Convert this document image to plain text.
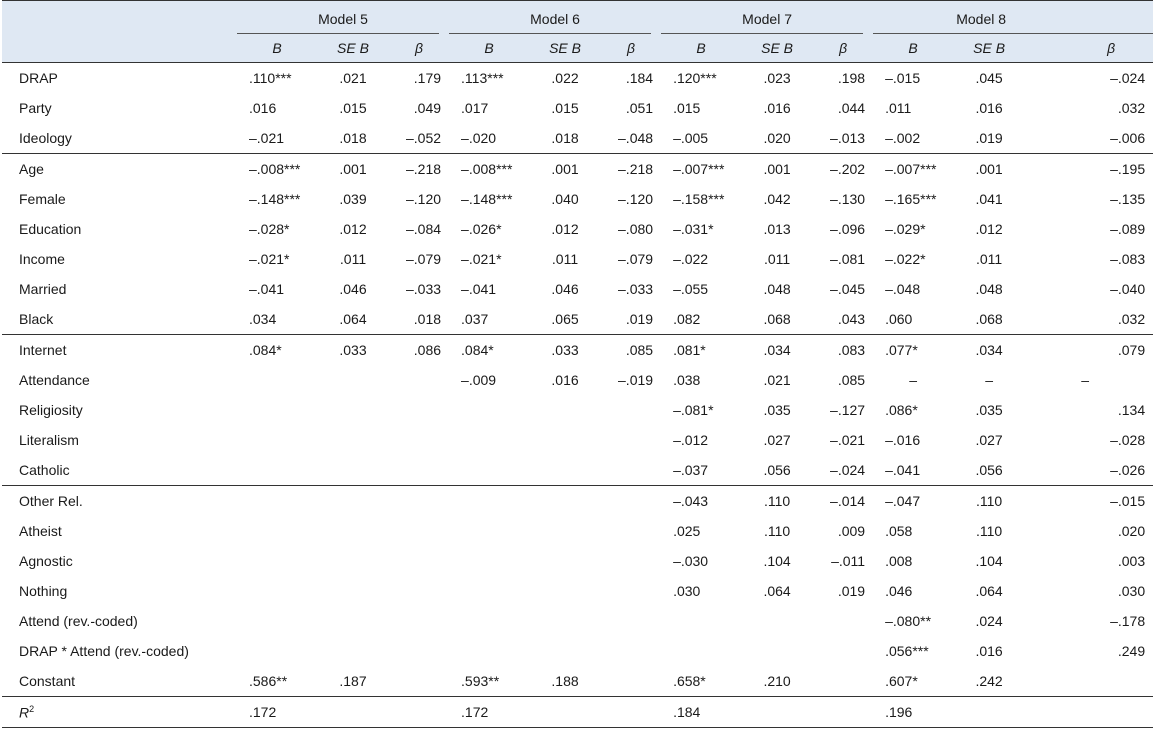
	Model 5			Model 6			Model 7			Model 8		

	B	SE B	β	B	SE B	β	B	SE B	β	B	SE B	β
DRAP	.110***	.021	.179	.113***	.022	.184	.120***	.023	.198	–.015	.045	–.024
Party	.016	.015	.049	.017	.015	.051	.015	.016	.044	.011	.016	.032
Ideology	–.021	.018	–.052	–.020	.018	–.048	–.005	.020	–.013	–.002	.019	–.006
Age	–.008***	.001	–.218	–.008***	.001	–.218	–.007***	.001	–.202	–.007***	.001	–.195
Female	–.148***	.039	–.120	–.148***	.040	–.120	–.158***	.042	–.130	–.165***	.041	–.135
Education	–.028*	.012	–.084	–.026*	.012	–.080	–.031*	.013	–.096	–.029*	.012	–.089
Income	–.021*	.011	–.079	–.021*	.011	–.079	–.022	.011	–.081	–.022*	.011	–.083
Married	–.041	.046	–.033	–.041	.046	–.033	–.055	.048	–.045	–.048	.048	–.040
Black	.034	.064	.018	.037	.065	.019	.082	.068	.043	.060	.068	.032
Internet	.084*	.033	.086	.084*	.033	.085	.081*	.034	.083	.077*	.034	.079
Attendance				–.009	.016	–.019	.038	.021	.085	–	–	–
Religiosity							–.081*	.035	–.127	.086*	.035	.134
Literalism							–.012	.027	–.021	–.016	.027	–.028
Catholic							–.037	.056	–.024	–.041	.056	–.026
Other Rel.							–.043	.110	–.014	–.047	.110	–.015
Atheist							.025	.110	.009	.058	.110	.020
Agnostic							–.030	.104	–.011	.008	.104	.003
Nothing							.030	.064	.019	.046	.064	.030
Attend (rev.-coded)										–.080**	.024	–.178
DRAP * Attend (rev.-coded)										.056***	.016	.249
Constant	.586**	.187		.593**	.188		.658*	.210		.607*	.242	
$R^2$	.172			.172			.184			.196		
